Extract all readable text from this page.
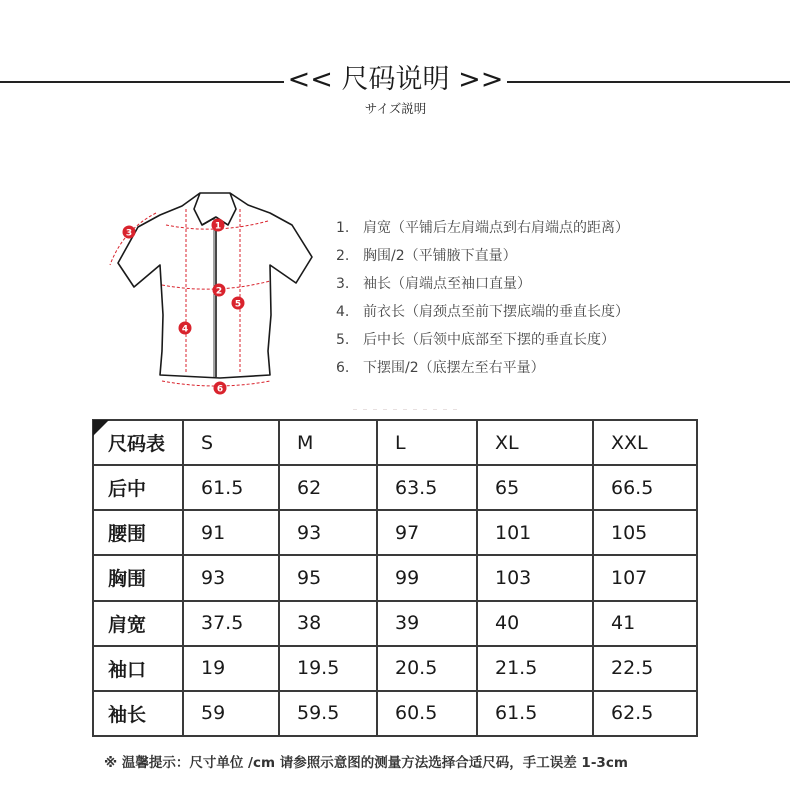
<< 尺码说明 >>
サイズ説明
1
2
3
4
5
6
1. 肩宽（平铺后左肩端点到右肩端点的距离）
2. 胸围/2（平铺腋下直量）
3. 袖长（肩端点至袖口直量）
4. 前衣长（肩颈点至前下摆底端的垂直长度）
5. 后中长（后领中底部至下摆的垂直长度）
6. 下摆围/2（底摆左至右平量）
尺码表	S	M	L	XL	XXL
后中	61.5	62	63.5	65	66.5
腰围	91	93	97	101	105
胸围	93	95	99	103	107
肩宽	37.5	38	39	40	41
袖口	19	19.5	20.5	21.5	22.5
袖长	59	59.5	60.5	61.5	62.5
※ 温馨提示：尺寸单位 /cm 请参照示意图的测量方法选择合适尺码，手工误差 1-3cm
